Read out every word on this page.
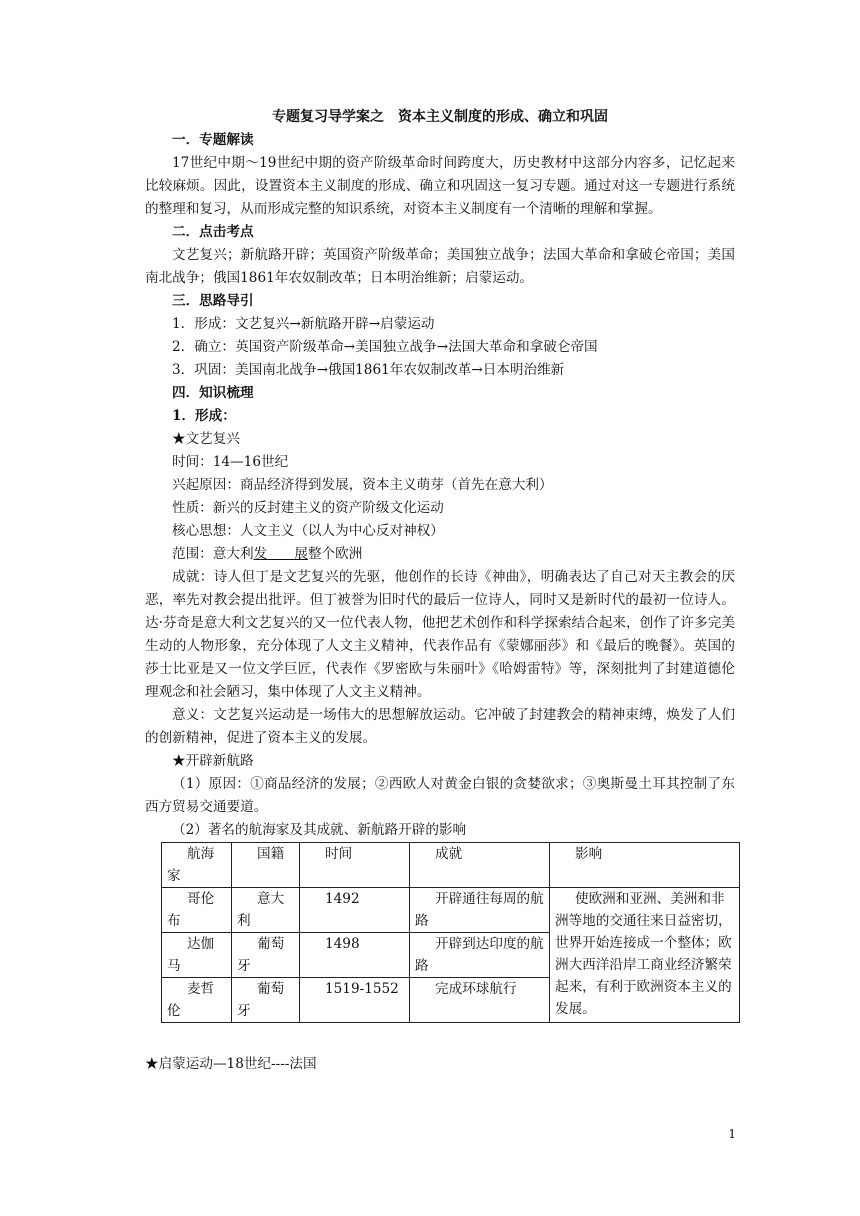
专题复习导学案之　资本主义制度的形成、确立和巩固

一．专题解读

17世纪中期～19世纪中期的资产阶级革命时间跨度大，历史教材中这部分内容多，记忆起来比较麻烦。因此，设置资本主义制度的形成、确立和巩固这一复习专题。通过对这一专题进行系统的整理和复习，从而形成完整的知识系统，对资本主义制度有一个清晰的理解和掌握。

二．点击考点

文艺复兴；新航路开辟；英国资产阶级革命；美国独立战争；法国大革命和拿破仑帝国；美国南北战争；俄国1861年农奴制改革；日本明治维新；启蒙运动。

三．思路导引

1．形成：文艺复兴→新航路开辟→启蒙运动

2．确立：英国资产阶级革命→美国独立战争→法国大革命和拿破仑帝国

3．巩固：美国南北战争→俄国1861年农奴制改革→日本明治维新

四．知识梳理

1．形成：

★文艺复兴

时间：14—16世纪

兴起原因：商品经济得到发展，资本主义萌芽（首先在意大利）

性质：新兴的反封建主义的资产阶级文化运动

核心思想：人文主义（以人为中心反对神权）

范围：意大利发　　展整个欧洲

成就：诗人但丁是文艺复兴的先驱，他创作的长诗《神曲》，明确表达了自己对天主教会的厌恶，率先对教会提出批评。但丁被誉为旧时代的最后一位诗人，同时又是新时代的最初一位诗人。达·芬奇是意大利文艺复兴的又一位代表人物，他把艺术创作和科学探索结合起来，创作了许多完美生动的人物形象，充分体现了人文主义精神，代表作品有《蒙娜丽莎》和《最后的晚餐》。英国的莎士比亚是又一位文学巨匠，代表作《罗密欧与朱丽叶》《哈姆雷特》等，深刻批判了封建道德伦理观念和社会陋习，集中体现了人文主义精神。

意义：文艺复兴运动是一场伟大的思想解放运动。它冲破了封建教会的精神束缚，焕发了人们的创新精神，促进了资本主义的发展。

★开辟新航路

（1）原因：①商品经济的发展；②西欧人对黄金白银的贪婪欲求；③奥斯曼土耳其控制了东西方贸易交通要道。

（2）著名的航海家及其成就、新航路开辟的影响

航海家	国籍	时间	成就	影响
哥伦布	意大利	1492	开辟通往每周的航路	使欧洲和亚洲、美洲和非洲等地的交通往来日益密切，世界开始连接成一个整体；欧洲大西洋沿岸工商业经济繁荣起来，有利于欧洲资本主义的发展。
达伽马	葡萄牙	1498	开辟到达印度的航路	
麦哲伦	葡萄牙	1519-1552	完成环球航行	

★启蒙运动—18世纪----法国

1
